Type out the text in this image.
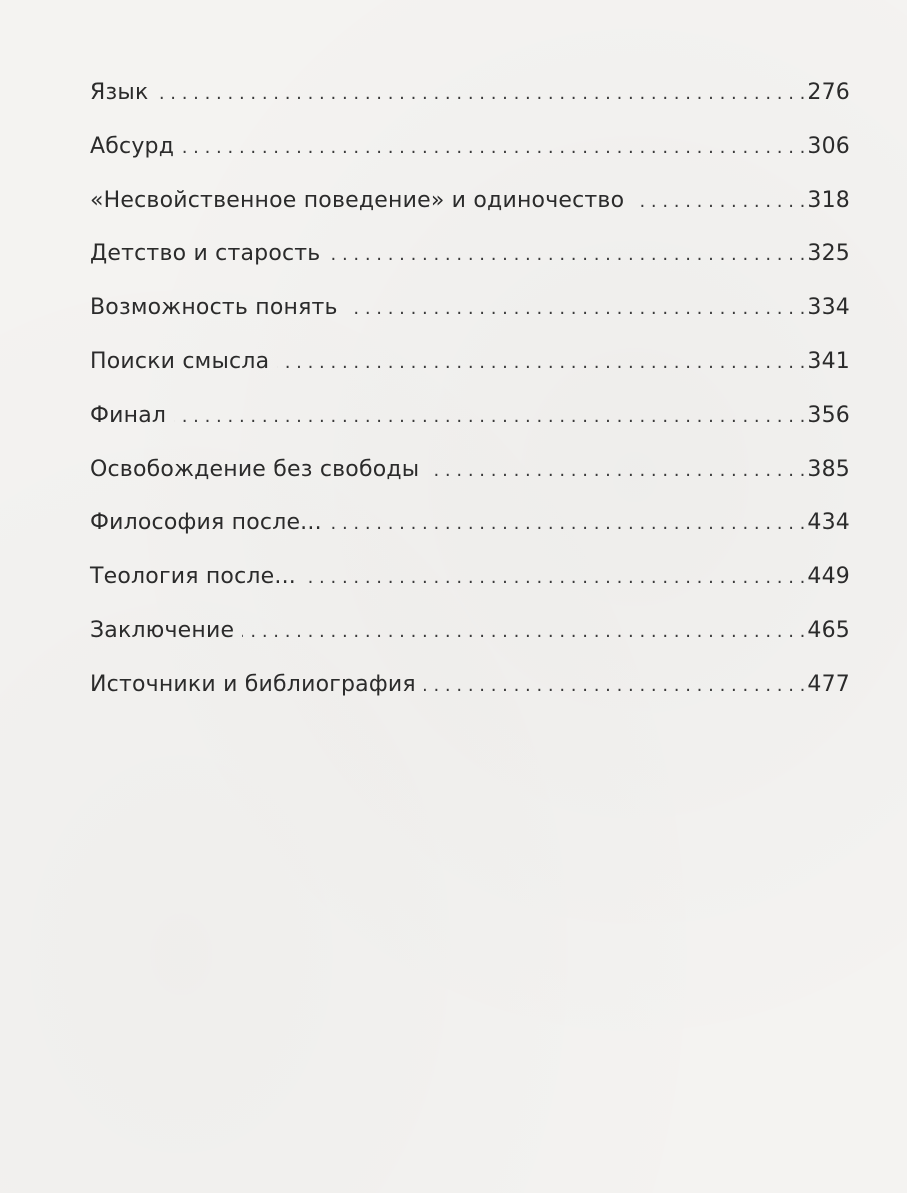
Язык . . .	276
Абсурд . . .	306
«Несвойственное поведение» и одиночество . . .	318
Детство и старость . . .	325
Возможность понять . . .	334
Поиски смысла . . .	341
Финал . . .	356
Освобождение без свободы . . .	385
Философия после... . . .	434
Теология после... . . .	449
Заключение . . .	465
Источники и библиография . . .	477
